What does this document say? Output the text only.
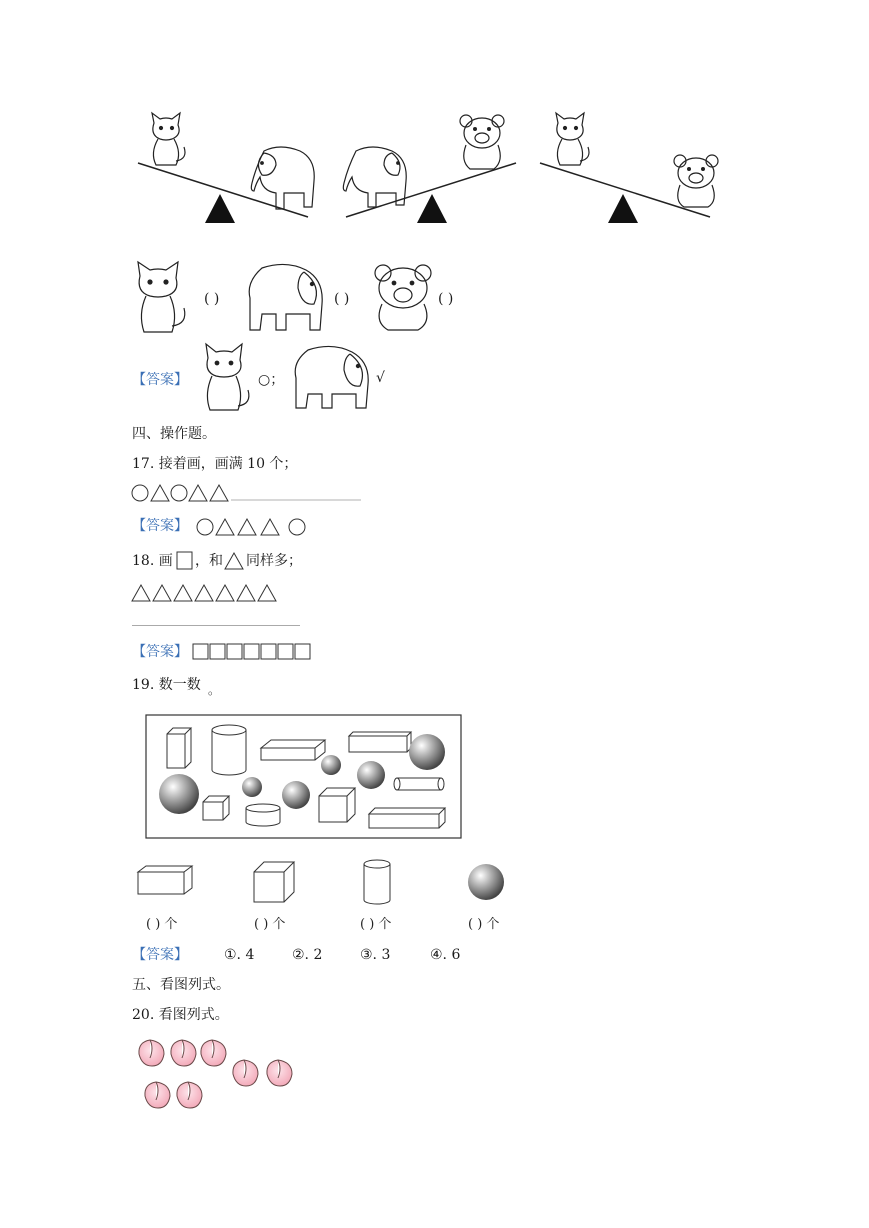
( )	( )	( )
【答案】	○；	√
四、操作题。
17. 接着画，画满 10 个；
【答案】
18. 画 ，和 同样多；
【答案】
19. 数一数 。
( ) 个	( ) 个	( ) 个	( ) 个
【答案】	①. 4	②. 2	③. 3	④. 6
五、看图列式。
20. 看图列式。
